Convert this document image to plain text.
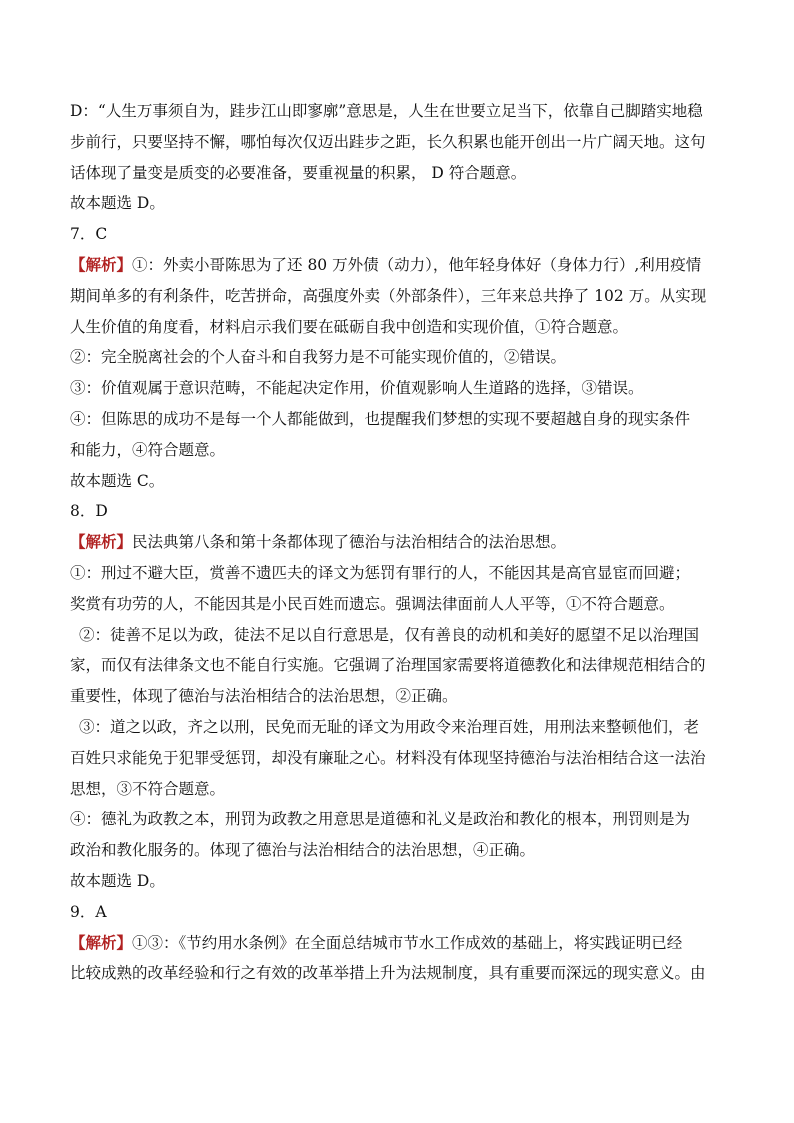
D：“人生万事须自为，跬步江山即寥廓”意思是，人生在世要立足当下，依靠自己脚踏实地稳
步前行，只要坚持不懈，哪怕每次仅迈出跬步之距，长久积累也能开创出一片广阔天地。这句
话体现了量变是质变的必要准备，要重视量的积累， D 符合题意。
故本题选 D。
7．C
【解析】①：外卖小哥陈思为了还 80 万外债（动力），他年轻身体好（身体力行）,利用疫情
期间单多的有利条件，吃苦拼命，高强度外卖（外部条件），三年来总共挣了 102 万。从实现
人生价值的角度看，材料启示我们要在砥砺自我中创造和实现价值，①符合题意。
②：完全脱离社会的个人奋斗和自我努力是不可能实现价值的，②错误。
③：价值观属于意识范畴，不能起决定作用，价值观影响人生道路的选择，③错误。
④：但陈思的成功不是每一个人都能做到，也提醒我们梦想的实现不要超越自身的现实条件
和能力，④符合题意。
故本题选 C。
8．D
【解析】民法典第八条和第十条都体现了德治与法治相结合的法治思想。
①：刑过不避大臣，赏善不遗匹夫的译文为惩罚有罪行的人，不能因其是高官显宦而回避；
奖赏有功劳的人，不能因其是小民百姓而遗忘。强调法律面前人人平等，①不符合题意。
②：徒善不足以为政，徒法不足以自行意思是，仅有善良的动机和美好的愿望不足以治理国
家，而仅有法律条文也不能自行实施。它强调了治理国家需要将道德教化和法律规范相结合的
重要性，体现了德治与法治相结合的法治思想，②正确。
③：道之以政，齐之以刑，民免而无耻的译文为用政令来治理百姓，用刑法来整顿他们，老
百姓只求能免于犯罪受惩罚，却没有廉耻之心。材料没有体现坚持德治与法治相结合这一法治
思想，③不符合题意。
④：德礼为政教之本，刑罚为政教之用意思是道德和礼义是政治和教化的根本，刑罚则是为
政治和教化服务的。体现了德治与法治相结合的法治思想，④正确。
故本题选 D。
9．A
【解析】①③：《节约用水条例》在全面总结城市节水工作成效的基础上，将实践证明已经
比较成熟的改革经验和行之有效的改革举措上升为法规制度，具有重要而深远的现实意义。由
